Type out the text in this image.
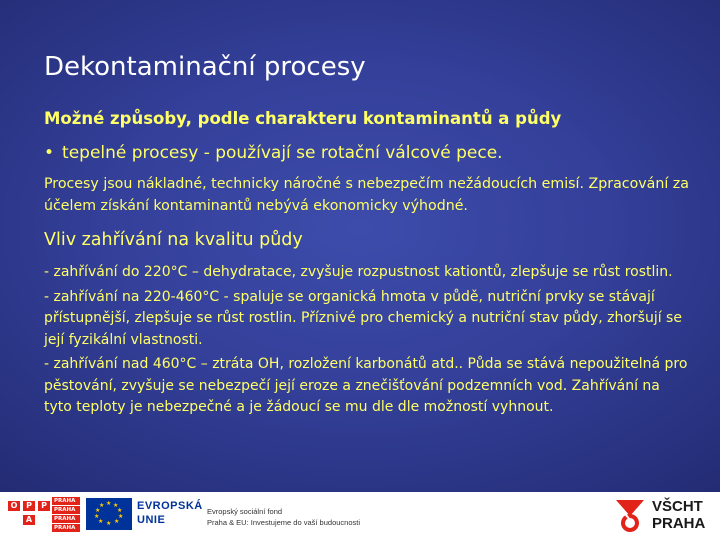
Dekontaminační procesy
Možné způsoby, podle charakteru kontaminantů a půdy
• tepelné procesy - používají se rotační válcové pece.
Procesy jsou nákladné, technicky náročné s nebezpečím nežádoucích emisí. Zpracování za účelem získání kontaminantů nebývá ekonomicky výhodné.
Vliv zahřívání na kvalitu půdy

- zahřívání do 220°C – dehydratace, zvyšuje rozpustnost kationtů, zlepšuje se růst rostlin.

- zahřívání na 220-460°C - spaluje se organická hmota v půdě, nutriční prvky se stávají přístupnější, zlepšuje se růst rostlin. Příznivé pro chemický a nutriční stav půdy, zhoršují se její fyzikální vlastnosti.

- zahřívání nad 460°C – ztráta OH, rozložení karbonátů atd.. Půda se stává nepoužitelná pro pěstování, zvyšuje se nebezpečí její eroze a znečišťování podzemních vod. Zahřívání na tyto teploty je nebezpečné a je žádoucí se mu dle dle možností vyhnout.

O	P	P
A
PRAHA
PRAHA
PRAHA
PRAHA
★ ★
★
★
★
★
★
★
★
★	EVROPSKÁ
UNIE
Evropský sociální fond
Praha & EU: Investujeme do vaší budoucnosti
VŠCHT
PRAHA
